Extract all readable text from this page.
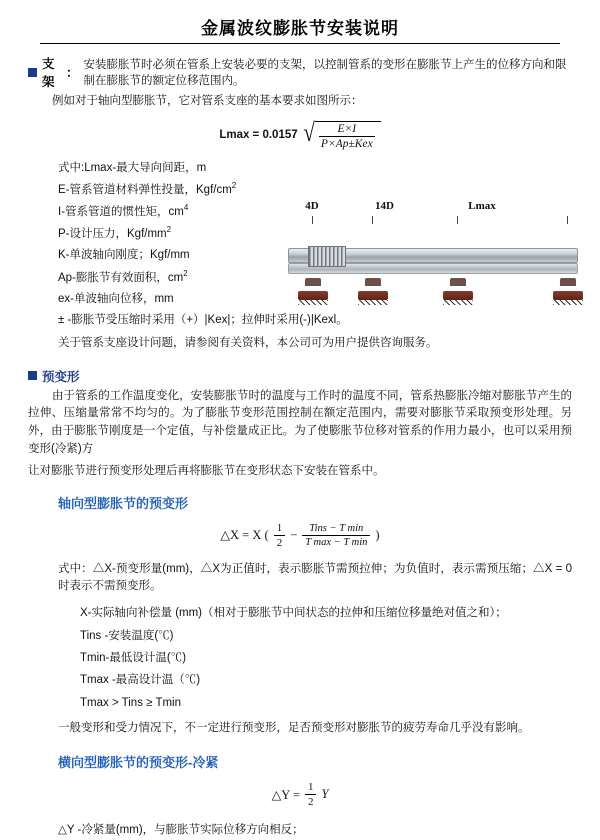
金属波纹膨胀节安装说明
支架
：
安装膨胀节时必须在管系上安装必要的支架，以控制管系的变形在膨胀节上产生的位移方向和限制在膨胀节的额定位移范围内。

例如对于轴向型膨胀节，它对管系支座的基本要求如图所示：

Lmax = 0.0157 √ $\frac{E\times I}{\text{P×Ap±Kex}}$
式中:Lmax-最大导向间距，m
E-管系管道材料弹性投量，Kgf/$cm^2$
I-管系管道的惯性矩，$cm^4$
P-设计压力，Kgf/$mm^2$
K-单波轴向刚度；Kgf/mm
Ap-膨胀节有效面积，$cm^2$
ex-单波轴向位移，mm
± -膨胀节受压缩时采用（+）|Kex|；拉伸时采用(-)|Kexl。
关于管系支座设计问题，请参阅有关资料，本公司可为用户提供咨询服务。
预变形

由于管系的工作温度变化，安装膨胀节时的温度与工作时的温度不同，管系热膨胀冷缩对膨胀节产生的拉伸、压缩量常常不均匀的。为了膨胀节变形范围控制在额定范围内，需要对膨胀节采取预变形处理。另外，由于膨胀节刚度是一个定值，与补偿量成正比。为了使膨胀节位移对管系的作用力最小，也可以采用预变形(冷紧)方

让对膨胀节进行预变形处理后再将膨胀节在变形状态下安装在管系中。

轴向型膨胀节的预变形
△X = X ( $\frac{1}{2} - \frac{\text{Tins − T min}}{\text{T max − T min}}$ )

式中：△X-预变形量(mm)，△X为正值时，表示膨胀节需预拉伸；为负值时，表示需预压缩；△X = 0时表示不需预变形。

X-实际轴向补偿量 (mm)（相对于膨胀节中间状态的拉伸和压缩位移量绝对值之和）；
Tins -安装温度(℃)
Tmin-最低设计温(℃)
Tmax -最高设计温（℃)
Tmax > Tins ≥ Tmin

一般变形和受力情况下，不一定进行预变形，足否预变形对膨胀节的疲劳寿命几乎没有影响。

横向型膨胀节的预变形-冷紧
△Y = $\frac{1}{2}$ Y

△Y -冷紧量(mm)，与膨胀节实际位移方向相反；

4D	14D	Lmax
